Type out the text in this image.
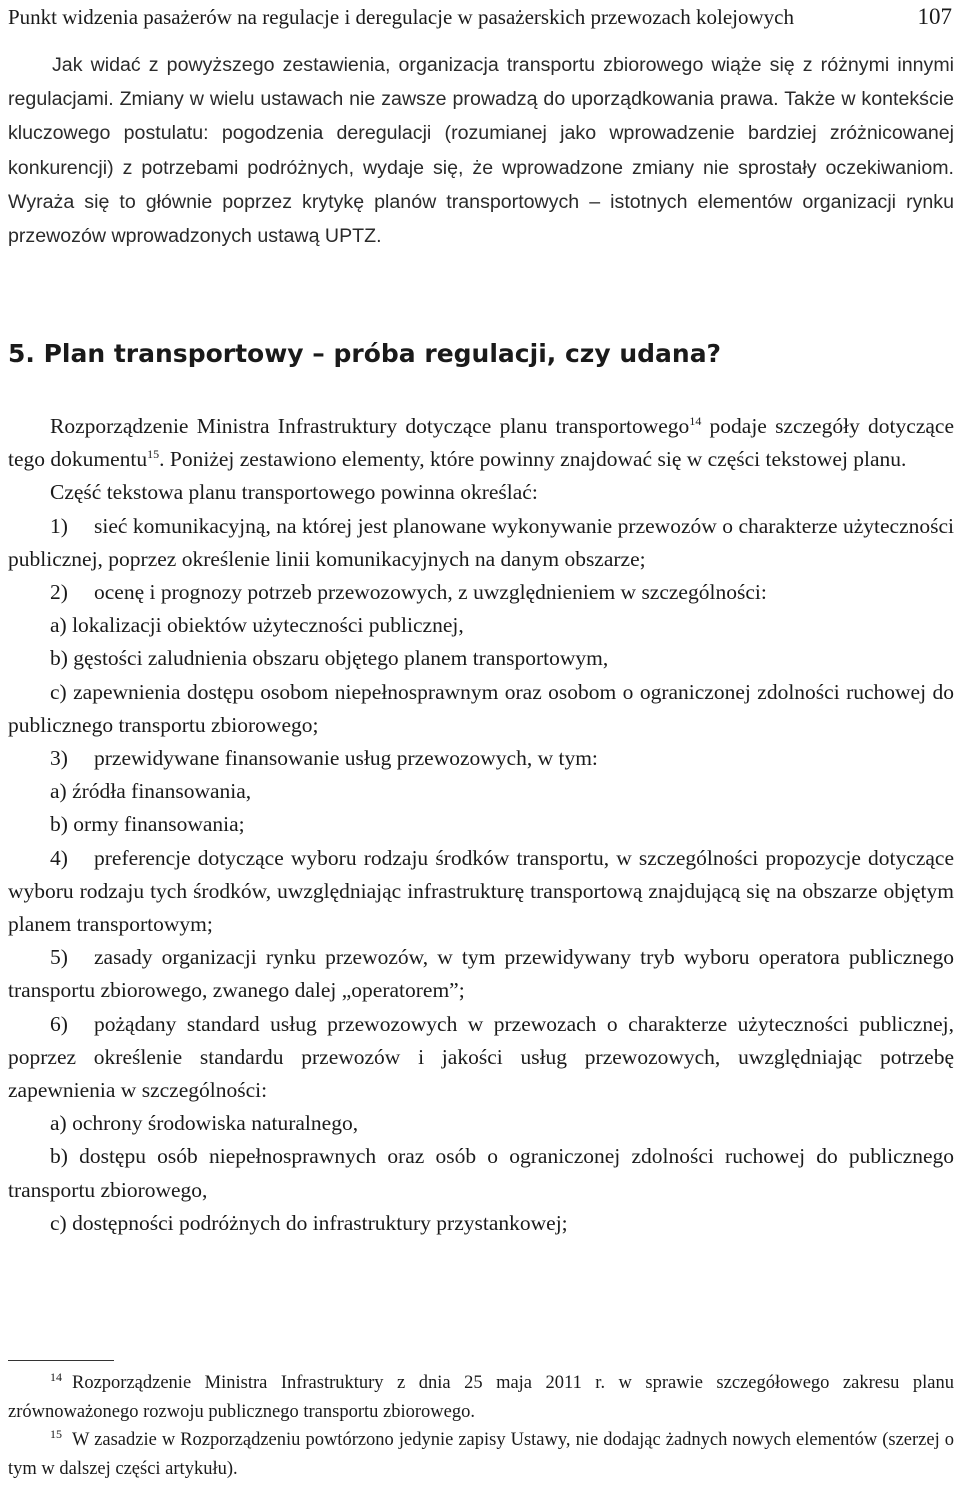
Punkt widzenia pasażerów na regulacje i deregulacje w pasażerskich przewozach kolejowych	107

Jak widać z powyższego zestawienia, organizacja transportu zbiorowego wiąże się z różnymi innymi regulacjami. Zmiany w wielu ustawach nie zawsze prowadzą do uporządkowania prawa. Także w kontekście kluczowego postulatu: pogodzenia deregulacji (rozumianej jako wprowadzenie bardziej zróżnicowanej konkurencji) z potrzebami podróżnych, wydaje się, że wprowadzone zmiany nie sprostały oczekiwaniom. Wyraża się to głównie poprzez krytykę planów transportowych – istotnych elementów organizacji rynku przewozów wprowadzonych ustawą UPTZ.

5. Plan transportowy – próba regulacji, czy udana?

Rozporządzenie Ministra Infrastruktury dotyczące planu transportowego$^{14}$ podaje szczegóły dotyczące tego dokumentu$^{15}$. Poniżej zestawiono elementy, które powinny znajdować się w części tekstowej planu.

Część tekstowa planu transportowego powinna określać:

1) sieć komunikacyjną, na której jest planowane wykonywanie przewozów o charakterze użyteczności publicznej, poprzez określenie linii komunikacyjnych na danym obszarze;

2) ocenę i prognozy potrzeb przewozowych, z uwzględnieniem w szczególności:

a) lokalizacji obiektów użyteczności publicznej,

b) gęstości zaludnienia obszaru objętego planem transportowym,

c) zapewnienia dostępu osobom niepełnosprawnym oraz osobom o ograniczonej zdolności ruchowej do publicznego transportu zbiorowego;

3) przewidywane finansowanie usług przewozowych, w tym:

a) źródła finansowania,

b) ormy finansowania;

4) preferencje dotyczące wyboru rodzaju środków transportu, w szczególności propozycje dotyczące wyboru rodzaju tych środków, uwzględniając infrastrukturę transportową znajdującą się na obszarze objętym planem transportowym;

5) zasady organizacji rynku przewozów, w tym przewidywany tryb wyboru operatora publicznego transportu zbiorowego, zwanego dalej „operatorem”;

6) pożądany standard usług przewozowych w przewozach o charakterze użyteczności publicznej, poprzez określenie standardu przewozów i jakości usług przewozowych, uwzględniając potrzebę zapewnienia w szczególności:

a) ochrony środowiska naturalnego,

b) dostępu osób niepełnosprawnych oraz osób o ograniczonej zdolności ruchowej do publicznego transportu zbiorowego,

c) dostępności podróżnych do infrastruktury przystankowej;

$^{14}$ Rozporządzenie Ministra Infrastruktury z dnia 25 maja 2011 r. w sprawie szczegółowego zakresu planu zrównoważonego rozwoju publicznego transportu zbiorowego.

$^{15}$ W zasadzie w Rozporządzeniu powtórzono jedynie zapisy Ustawy, nie dodając żadnych nowych elementów (szerzej o tym w dalszej części artykułu).
